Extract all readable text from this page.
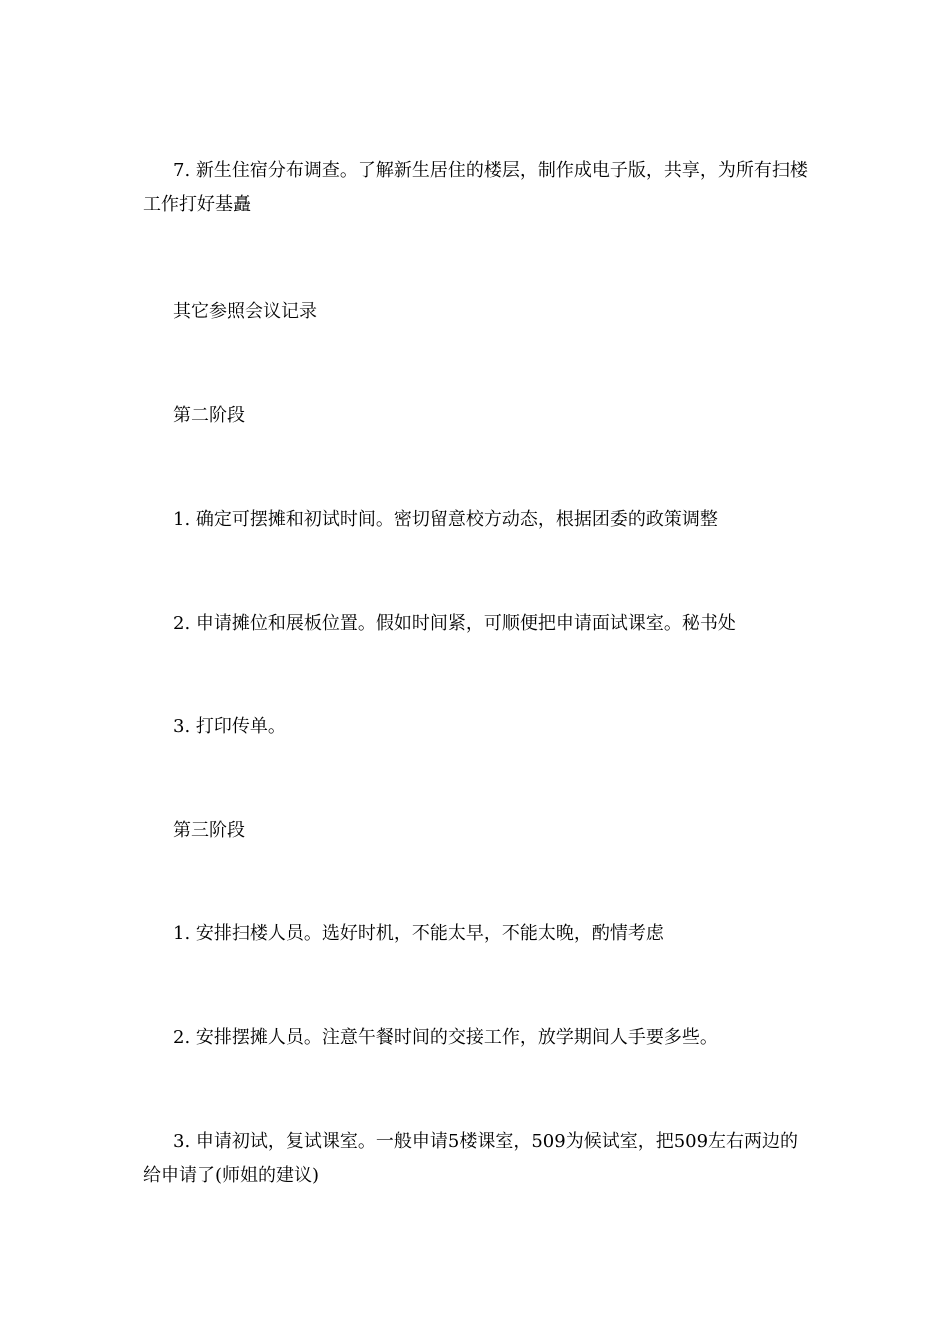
7. 新生住宿分布调查。了解新生居住的楼层，制作成电子版，共享，为所有扫楼工作打好基矗

其它参照会议记录

第二阶段

1. 确定可摆摊和初试时间。密切留意校方动态，根据团委的政策调整

2. 申请摊位和展板位置。假如时间紧，可顺便把申请面试课室。秘书处

3. 打印传单。

第三阶段

1. 安排扫楼人员。选好时机，不能太早，不能太晚，酌情考虑

2. 安排摆摊人员。注意午餐时间的交接工作，放学期间人手要多些。

3. 申请初试，复试课室。一般申请5楼课室，509为候试室，把509左右两边的给申请了(师姐的建议)
